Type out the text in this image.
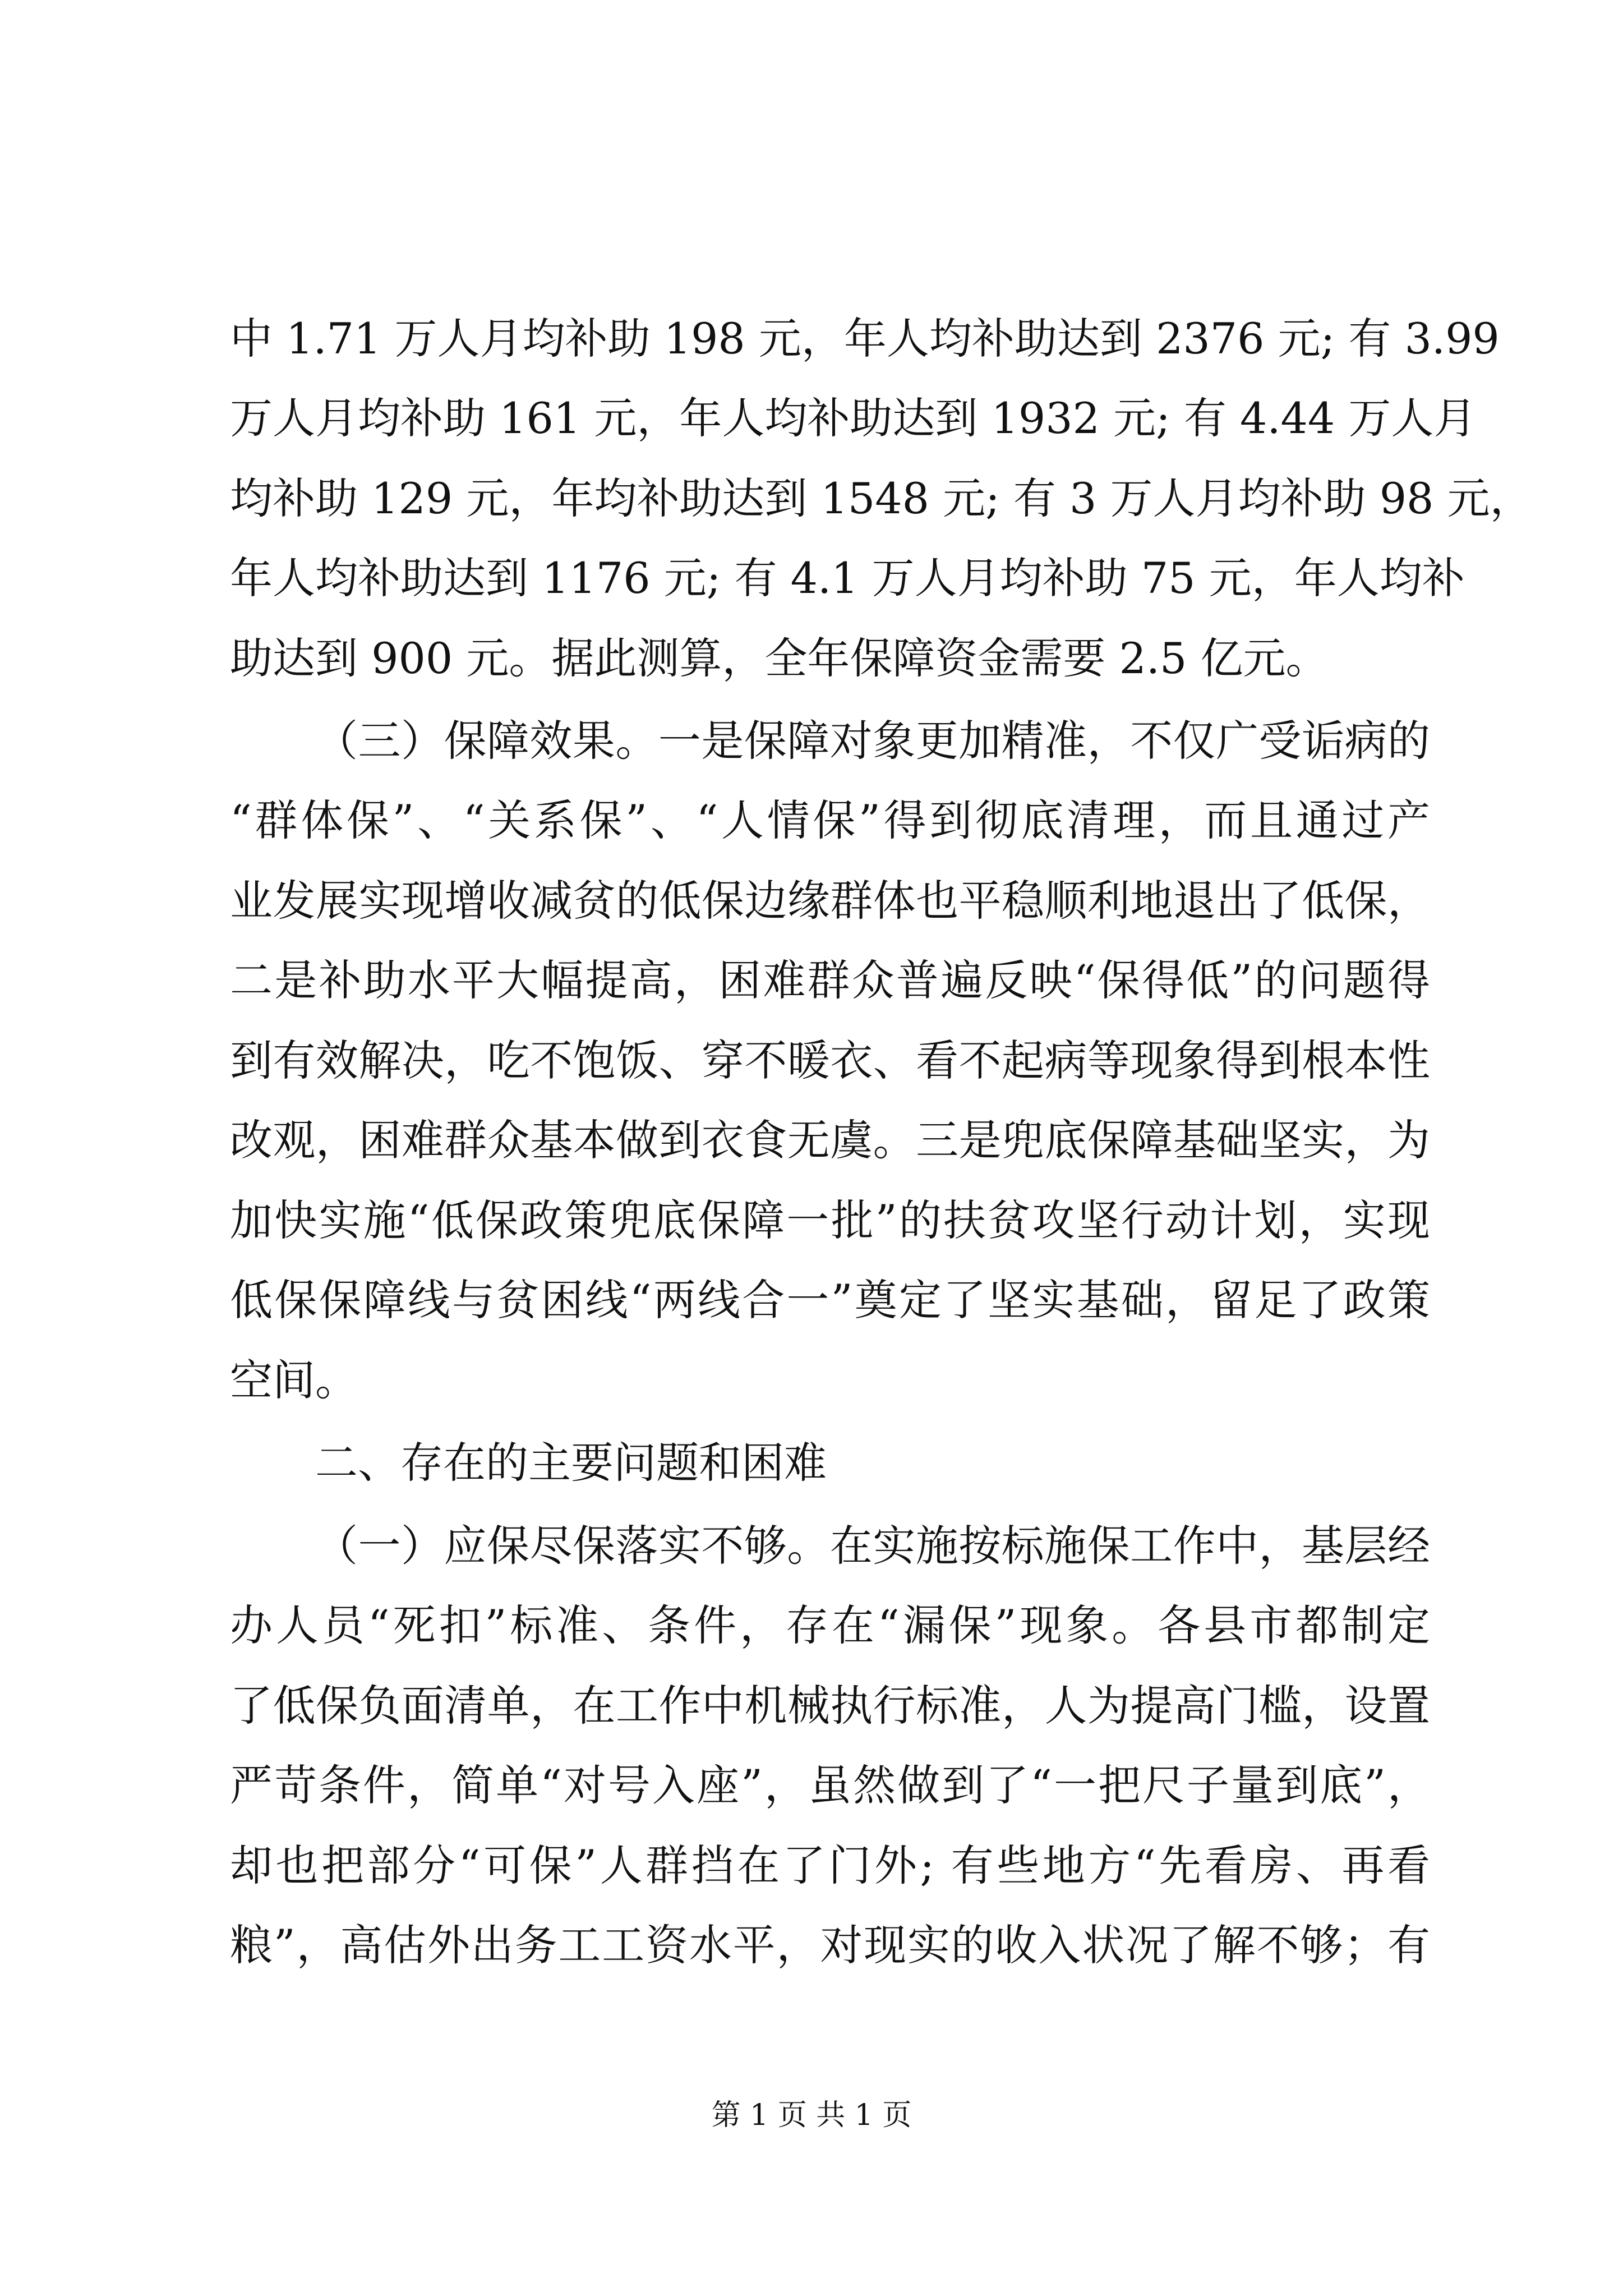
中 1.71 万人月均补助 198 元，年人均补助达到 2376 元; 有 3.99

万人月均补助 161 元，年人均补助达到 1932 元; 有 4.44 万人月

均补助 129 元，年均补助达到 1548 元; 有 3 万人月均补助 98 元，

年人均补助达到 1176 元; 有 4.1 万人月均补助 75 元，年人均补

助达到 900 元。据此测算，全年保障资金需要 2.5 亿元。

（三）保障效果。一是保障对象更加精准，不仅广受诟病的

“群体保”、“关系保”、“人情保”得到彻底清理，而且通过产

业发展实现增收减贫的低保边缘群体也平稳顺利地退出了低保，

二是补助水平大幅提高，困难群众普遍反映“保得低”的问题得

到有效解决，吃不饱饭、穿不暖衣、看不起病等现象得到根本性

改观，困难群众基本做到衣食无虞。三是兜底保障基础坚实，为

加快实施“低保政策兜底保障一批”的扶贫攻坚行动计划，实现

低保保障线与贫困线“两线合一”奠定了坚实基础，留足了政策

空间。

二、存在的主要问题和困难

（一）应保尽保落实不够。在实施按标施保工作中，基层经

办人员“死扣”标准、条件，存在“漏保”现象。各县市都制定

了低保负面清单，在工作中机械执行标准，人为提高门槛，设置

严苛条件，简单“对号入座”，虽然做到了“一把尺子量到底”，

却也把部分“可保”人群挡在了门外; 有些地方“先看房、再看

粮”，高估外出务工工资水平，对现实的收入状况了解不够；有

第 1 页 共 1 页
